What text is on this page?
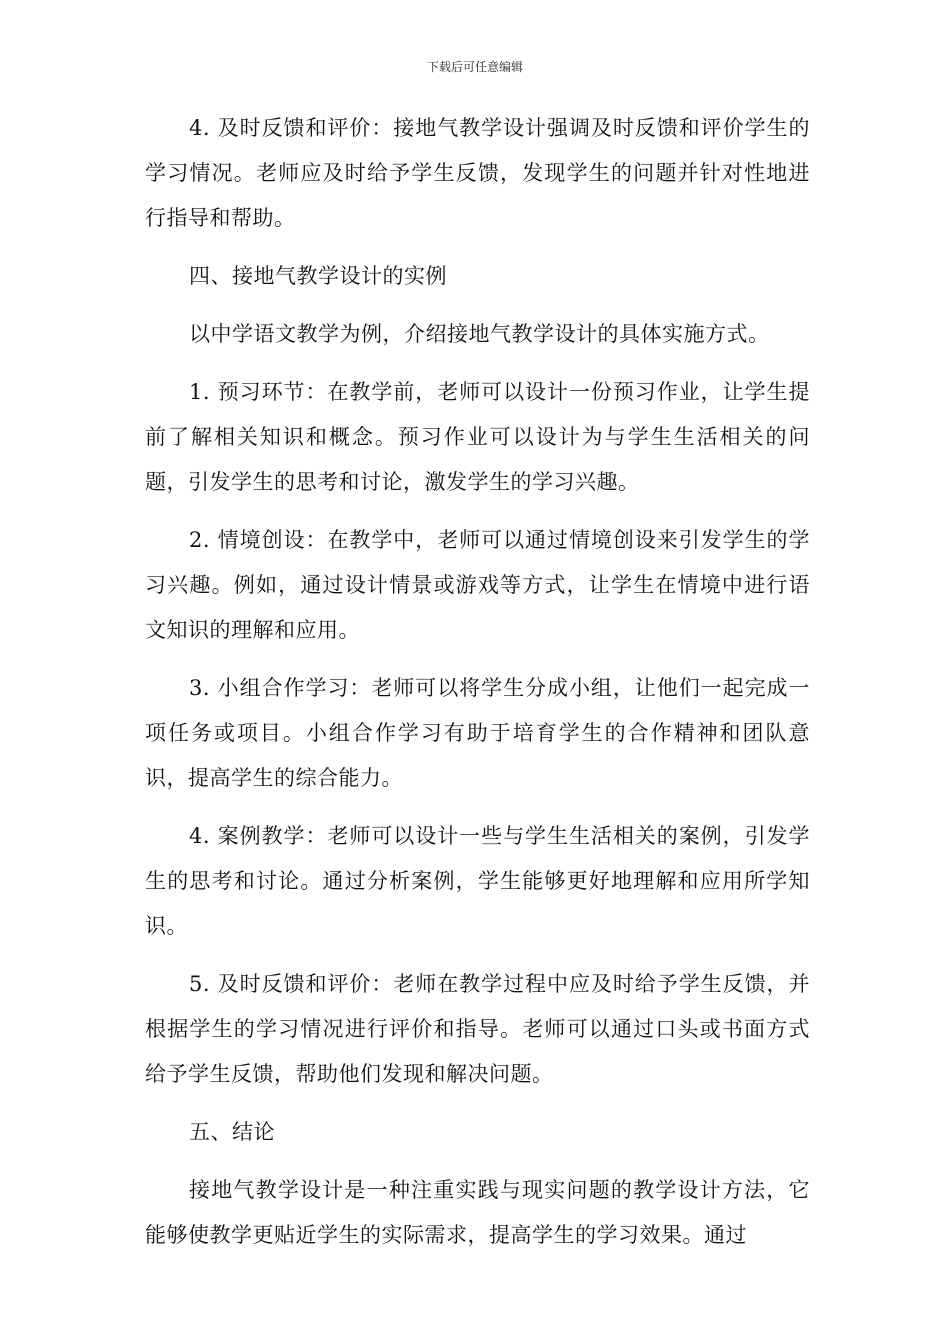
下载后可任意编辑

4. 及时反馈和评价：接地气教学设计强调及时反馈和评价学生的学习情况。老师应及时给予学生反馈，发现学生的问题并针对性地进行指导和帮助。

四、接地气教学设计的实例

以中学语文教学为例，介绍接地气教学设计的具体实施方式。

1. 预习环节：在教学前，老师可以设计一份预习作业，让学生提前了解相关知识和概念。预习作业可以设计为与学生生活相关的问题，引发学生的思考和讨论，激发学生的学习兴趣。

2. 情境创设：在教学中，老师可以通过情境创设来引发学生的学习兴趣。例如，通过设计情景或游戏等方式，让学生在情境中进行语文知识的理解和应用。

3. 小组合作学习：老师可以将学生分成小组，让他们一起完成一项任务或项目。小组合作学习有助于培育学生的合作精神和团队意识，提高学生的综合能力。

4. 案例教学：老师可以设计一些与学生生活相关的案例，引发学生的思考和讨论。通过分析案例，学生能够更好地理解和应用所学知识。

5. 及时反馈和评价：老师在教学过程中应及时给予学生反馈，并根据学生的学习情况进行评价和指导。老师可以通过口头或书面方式给予学生反馈，帮助他们发现和解决问题。

五、结论

接地气教学设计是一种注重实践与现实问题的教学设计方法，它能够使教学更贴近学生的实际需求，提高学生的学习效果。通过
